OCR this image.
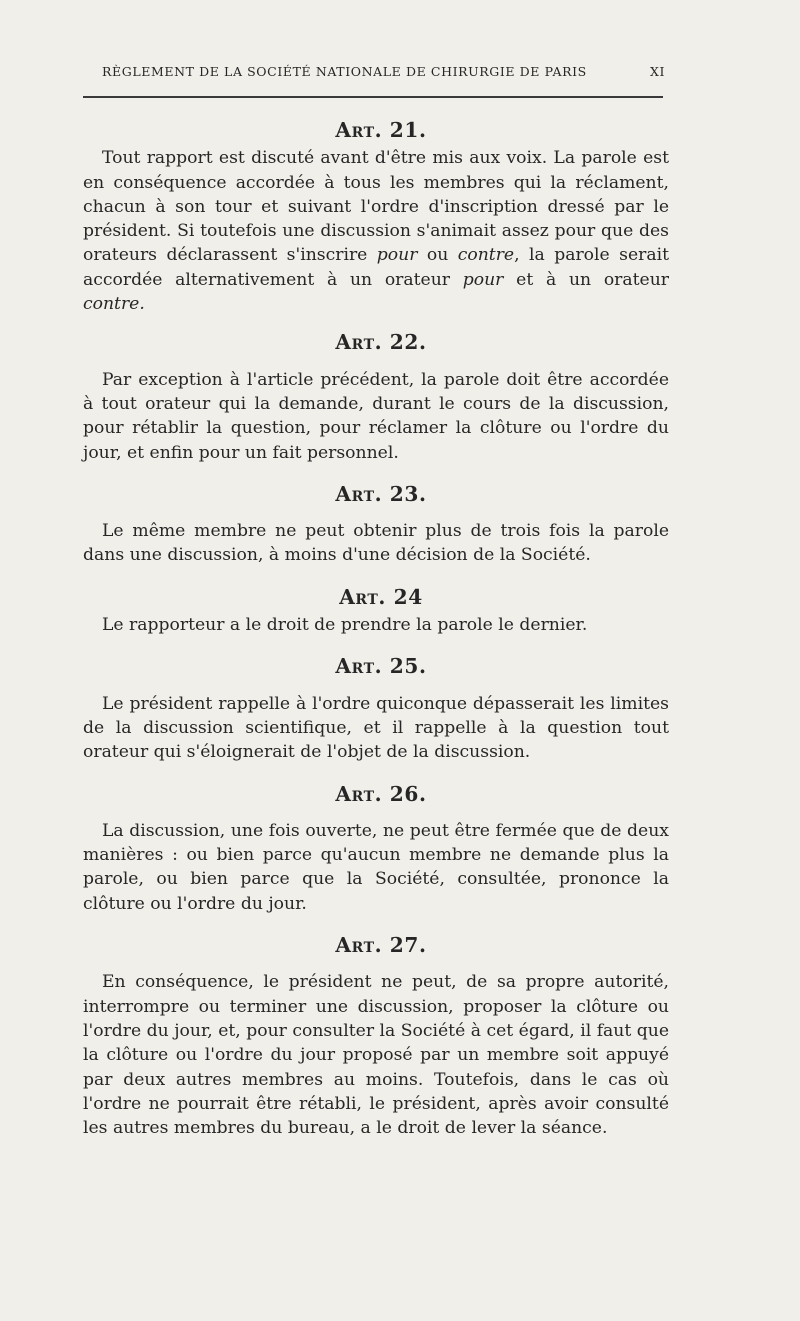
RÈGLEMENT DE LA SOCIÉTÉ NATIONALE DE CHIRURGIE DE PARIS	XI
Art. 21.

Tout rapport est discuté avant d'être mis aux voix. La parole est en conséquence accordée à tous les membres qui la réclament, chacun à son tour et suivant l'ordre d'inscription dressé par le président. Si toutefois une discussion s'animait assez pour que des orateurs déclarassent s'inscrire pour ou contre, la parole serait accordée alternativement à un orateur pour et à un orateur contre.

Art. 22.

Par exception à l'article précédent, la parole doit être accordée à tout orateur qui la demande, durant le cours de la discussion, pour rétablir la question, pour réclamer la clôture ou l'ordre du jour, et enfin pour un fait personnel.

Art. 23.

Le même membre ne peut obtenir plus de trois fois la parole dans une discussion, à moins d'une décision de la Société.

Art. 24

Le rapporteur a le droit de prendre la parole le dernier.

Art. 25.

Le président rappelle à l'ordre quiconque dépasserait les limites de la discussion scientifique, et il rappelle à la question tout orateur qui s'éloignerait de l'objet de la discussion.

Art. 26.

La discussion, une fois ouverte, ne peut être fermée que de deux manières : ou bien parce qu'aucun membre ne demande plus la parole, ou bien parce que la Société, consultée, prononce la clôture ou l'ordre du jour.

Art. 27.

En conséquence, le président ne peut, de sa propre autorité, interrompre ou terminer une discussion, proposer la clôture ou l'ordre du jour, et, pour consulter la Société à cet égard, il faut que la clôture ou l'ordre du jour proposé par un membre soit appuyé par deux autres membres au moins. Toutefois, dans le cas où l'ordre ne pourrait être rétabli, le président, après avoir consulté les autres membres du bureau, a le droit de lever la séance.
